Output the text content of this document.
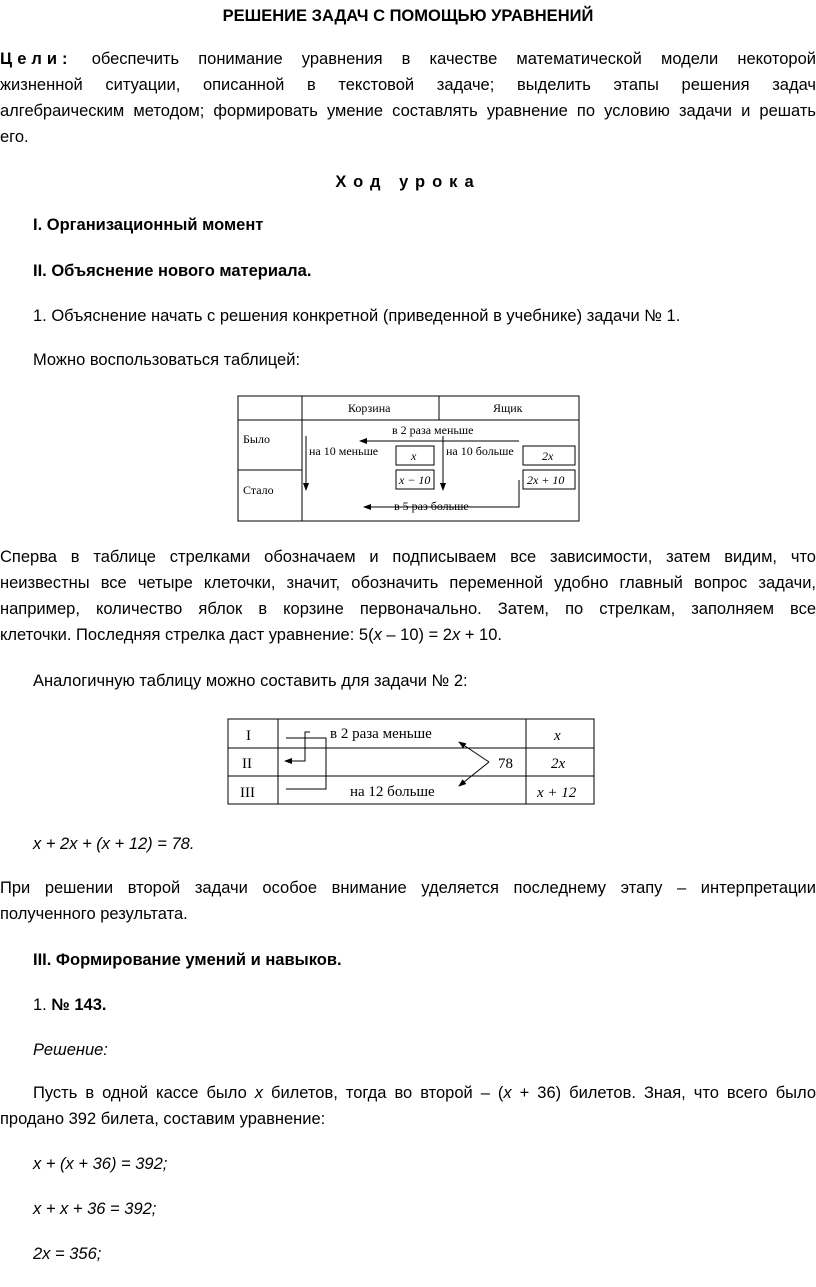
РЕШЕНИЕ ЗАДАЧ С ПОМОЩЬЮ УРАВНЕНИЙ
Цели: обеспечить понимание уравнения в качестве математической модели некоторой
жизненной ситуации, описанной в текстовой задаче; выделить этапы решения задач
алгебраическим методом; формировать умение составлять уравнение по условию задачи и решать
его.
Ход урока
I. Организационный момент
II. Объяснение нового материала.
1. Объяснение начать с решения конкретной (приведенной в учебнике) задачи № 1.
Можно воспользоваться таблицей:
Корзина	Ящик
Было
Стало
в 2 раза меньше
на 10 меньше	на 10 больше
x
x − 10
2x
2x + 10
в 5 раз больше
Сперва в таблице стрелками обозначаем и подписываем все зависимости, затем видим, что
неизвестны все четыре клеточки, значит, обозначить переменной удобно главный вопрос задачи,
например, количество яблок в корзине первоначально. Затем, по стрелкам, заполняем все
клеточки. Последняя стрелка даст уравнение: 5(x – 10) = 2x + 10.
Аналогичную таблицу можно составить для задачи № 2:
I
II
III
в 2 раза меньше
78
на 12 больше
x
2x
x + 12
x + 2x + (x + 12) = 78.
При решении второй задачи особое внимание уделяется последнему этапу – интерпретации
полученного результата.
III. Формирование умений и навыков.
1. № 143.
Решение:
Пусть в одной кассе было x билетов, тогда во второй – (x + 36) билетов. Зная, что всего было
продано 392 билета, составим уравнение:
x + (x + 36) = 392;
x + x + 36 = 392;
2x = 356;
